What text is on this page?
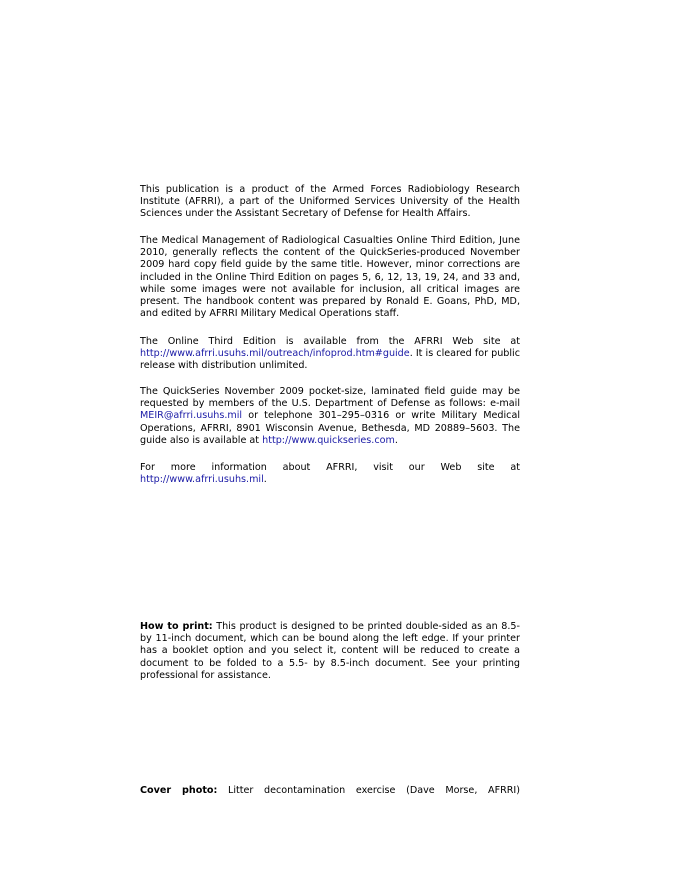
This publication is a product of the Armed Forces Radiobiology Research Institute (AFRRI), a part of the Uniformed Services University of the Health Sciences under the Assistant Secretary of Defense for Health Affairs.

The Medical Management of Radiological Casualties Online Third Edition, June 2010, generally reflects the content of the QuickSeries-produced November 2009 hard copy field guide by the same title. However, minor corrections are included in the Online Third Edition on pages 5, 6, 12, 13, 19, 24, and 33 and, while some images were not available for inclusion, all critical images are present. The handbook content was prepared by Ronald E. Goans, PhD, MD, and edited by AFRRI Military Medical Operations staff.

The Online Third Edition is available from the AFRRI Web site at http://www.afrri.usuhs.mil/outreach/infoprod.htm#guide. It is cleared for public release with distribution unlimited.

The QuickSeries November 2009 pocket-size, laminated field guide may be requested by members of the U.S. Department of Defense as follows: e-mail MEIR@afrri.usuhs.mil or telephone 301–295–0316 or write Military Medical Operations, AFRRI, 8901 Wisconsin Avenue, Bethesda, MD 20889–5603. The guide also is available at http://www.quickseries.com.

For more information about AFRRI, visit our Web site at http://www.afrri.usuhs.mil.

How to print: This product is designed to be printed double-sided as an 8.5- by 11-inch document, which can be bound along the left edge. If your printer has a booklet option and you select it, content will be reduced to create a document to be folded to a 5.5- by 8.5-inch document. See your printing professional for assistance.

Cover photo: Litter decontamination exercise (Dave Morse, AFRRI)
